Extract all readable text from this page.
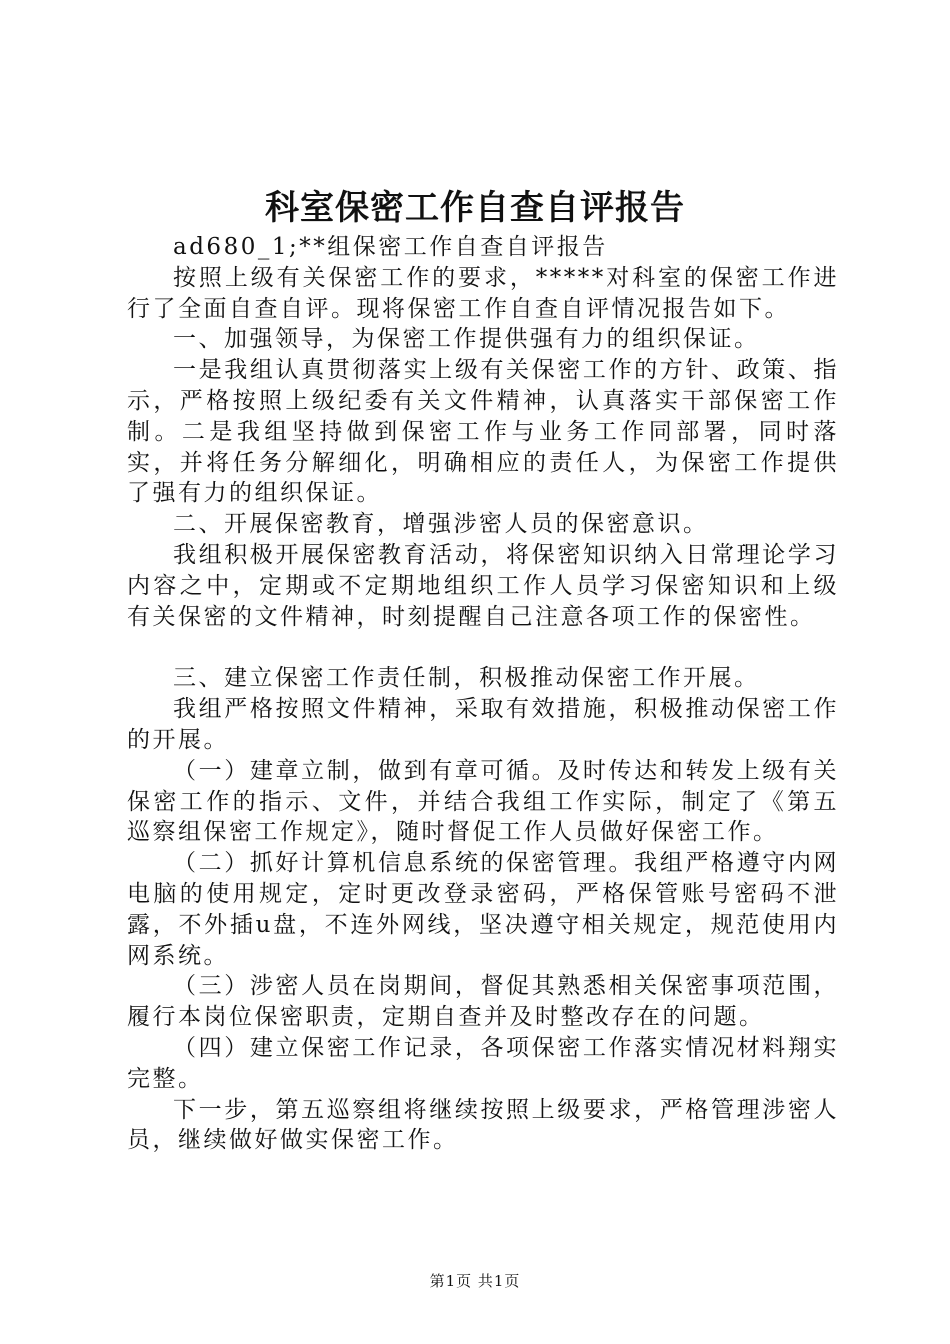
科室保密工作自查自评报告

ad680_1;**组保密工作自查自评报告

按照上级有关保密工作的要求，*****对科室的保密工作进行了全面自查自评。现将保密工作自查自评情况报告如下。

一、加强领导，为保密工作提供强有力的组织保证。

一是我组认真贯彻落实上级有关保密工作的方针、政策、指示，严格按照上级纪委有关文件精神，认真落实干部保密工作制。二是我组坚持做到保密工作与业务工作同部署，同时落实，并将任务分解细化，明确相应的责任人，为保密工作提供了强有力的组织保证。

二、开展保密教育，增强涉密人员的保密意识。

我组积极开展保密教育活动，将保密知识纳入日常理论学习内容之中，定期或不定期地组织工作人员学习保密知识和上级有关保密的文件精神，时刻提醒自己注意各项工作的保密性。

三、建立保密工作责任制，积极推动保密工作开展。

我组严格按照文件精神，采取有效措施，积极推动保密工作的开展。

（一）建章立制，做到有章可循。及时传达和转发上级有关保密工作的指示、文件，并结合我组工作实际，制定了《第五巡察组保密工作规定》，随时督促工作人员做好保密工作。

（二）抓好计算机信息系统的保密管理。我组严格遵守内网电脑的使用规定，定时更改登录密码，严格保管账号密码不泄露，不外插u盘，不连外网线，坚决遵守相关规定，规范使用内网系统。

（三）涉密人员在岗期间，督促其熟悉相关保密事项范围，履行本岗位保密职责，定期自查并及时整改存在的问题。

（四）建立保密工作记录，各项保密工作落实情况材料翔实完整。

下一步，第五巡察组将继续按照上级要求，严格管理涉密人员，继续做好做实保密工作。

第1页 共1页
